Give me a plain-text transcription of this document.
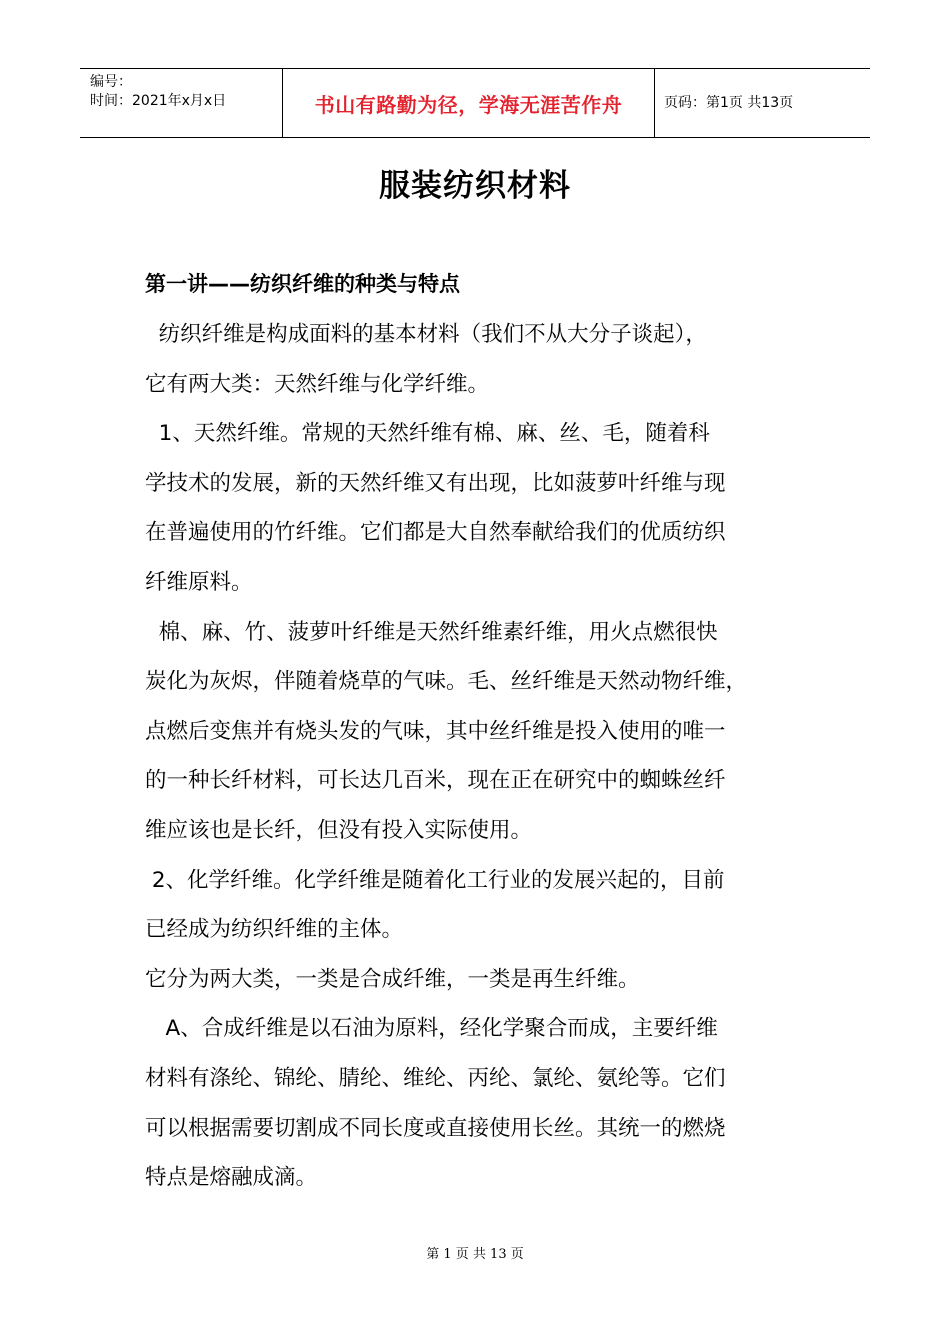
编号：
时间：2021年x月x日	书山有路勤为径，学海无涯苦作舟	页码：第1页 共13页
服装纺织材料
第一讲——纺织纤维的种类与特点

纺织纤维是构成面料的基本材料（我们不从大分子谈起），

它有两大类：天然纤维与化学纤维。

1、天然纤维。常规的天然纤维有棉、麻、丝、毛，随着科

学技术的发展，新的天然纤维又有出现，比如菠萝叶纤维与现

在普遍使用的竹纤维。它们都是大自然奉献给我们的优质纺织

纤维原料。

棉、麻、竹、菠萝叶纤维是天然纤维素纤维，用火点燃很快

炭化为灰烬，伴随着烧草的气味。毛、丝纤维是天然动物纤维，

点燃后变焦并有烧头发的气味，其中丝纤维是投入使用的唯一

的一种长纤材料，可长达几百米，现在正在研究中的蜘蛛丝纤

维应该也是长纤，但没有投入实际使用。

2、化学纤维。化学纤维是随着化工行业的发展兴起的，目前

已经成为纺织纤维的主体。

它分为两大类，一类是合成纤维，一类是再生纤维。

A、合成纤维是以石油为原料，经化学聚合而成，主要纤维

材料有涤纶、锦纶、腈纶、维纶、丙纶、氯纶、氨纶等。它们

可以根据需要切割成不同长度或直接使用长丝。其统一的燃烧

特点是熔融成滴。

第 1 页 共 13 页
